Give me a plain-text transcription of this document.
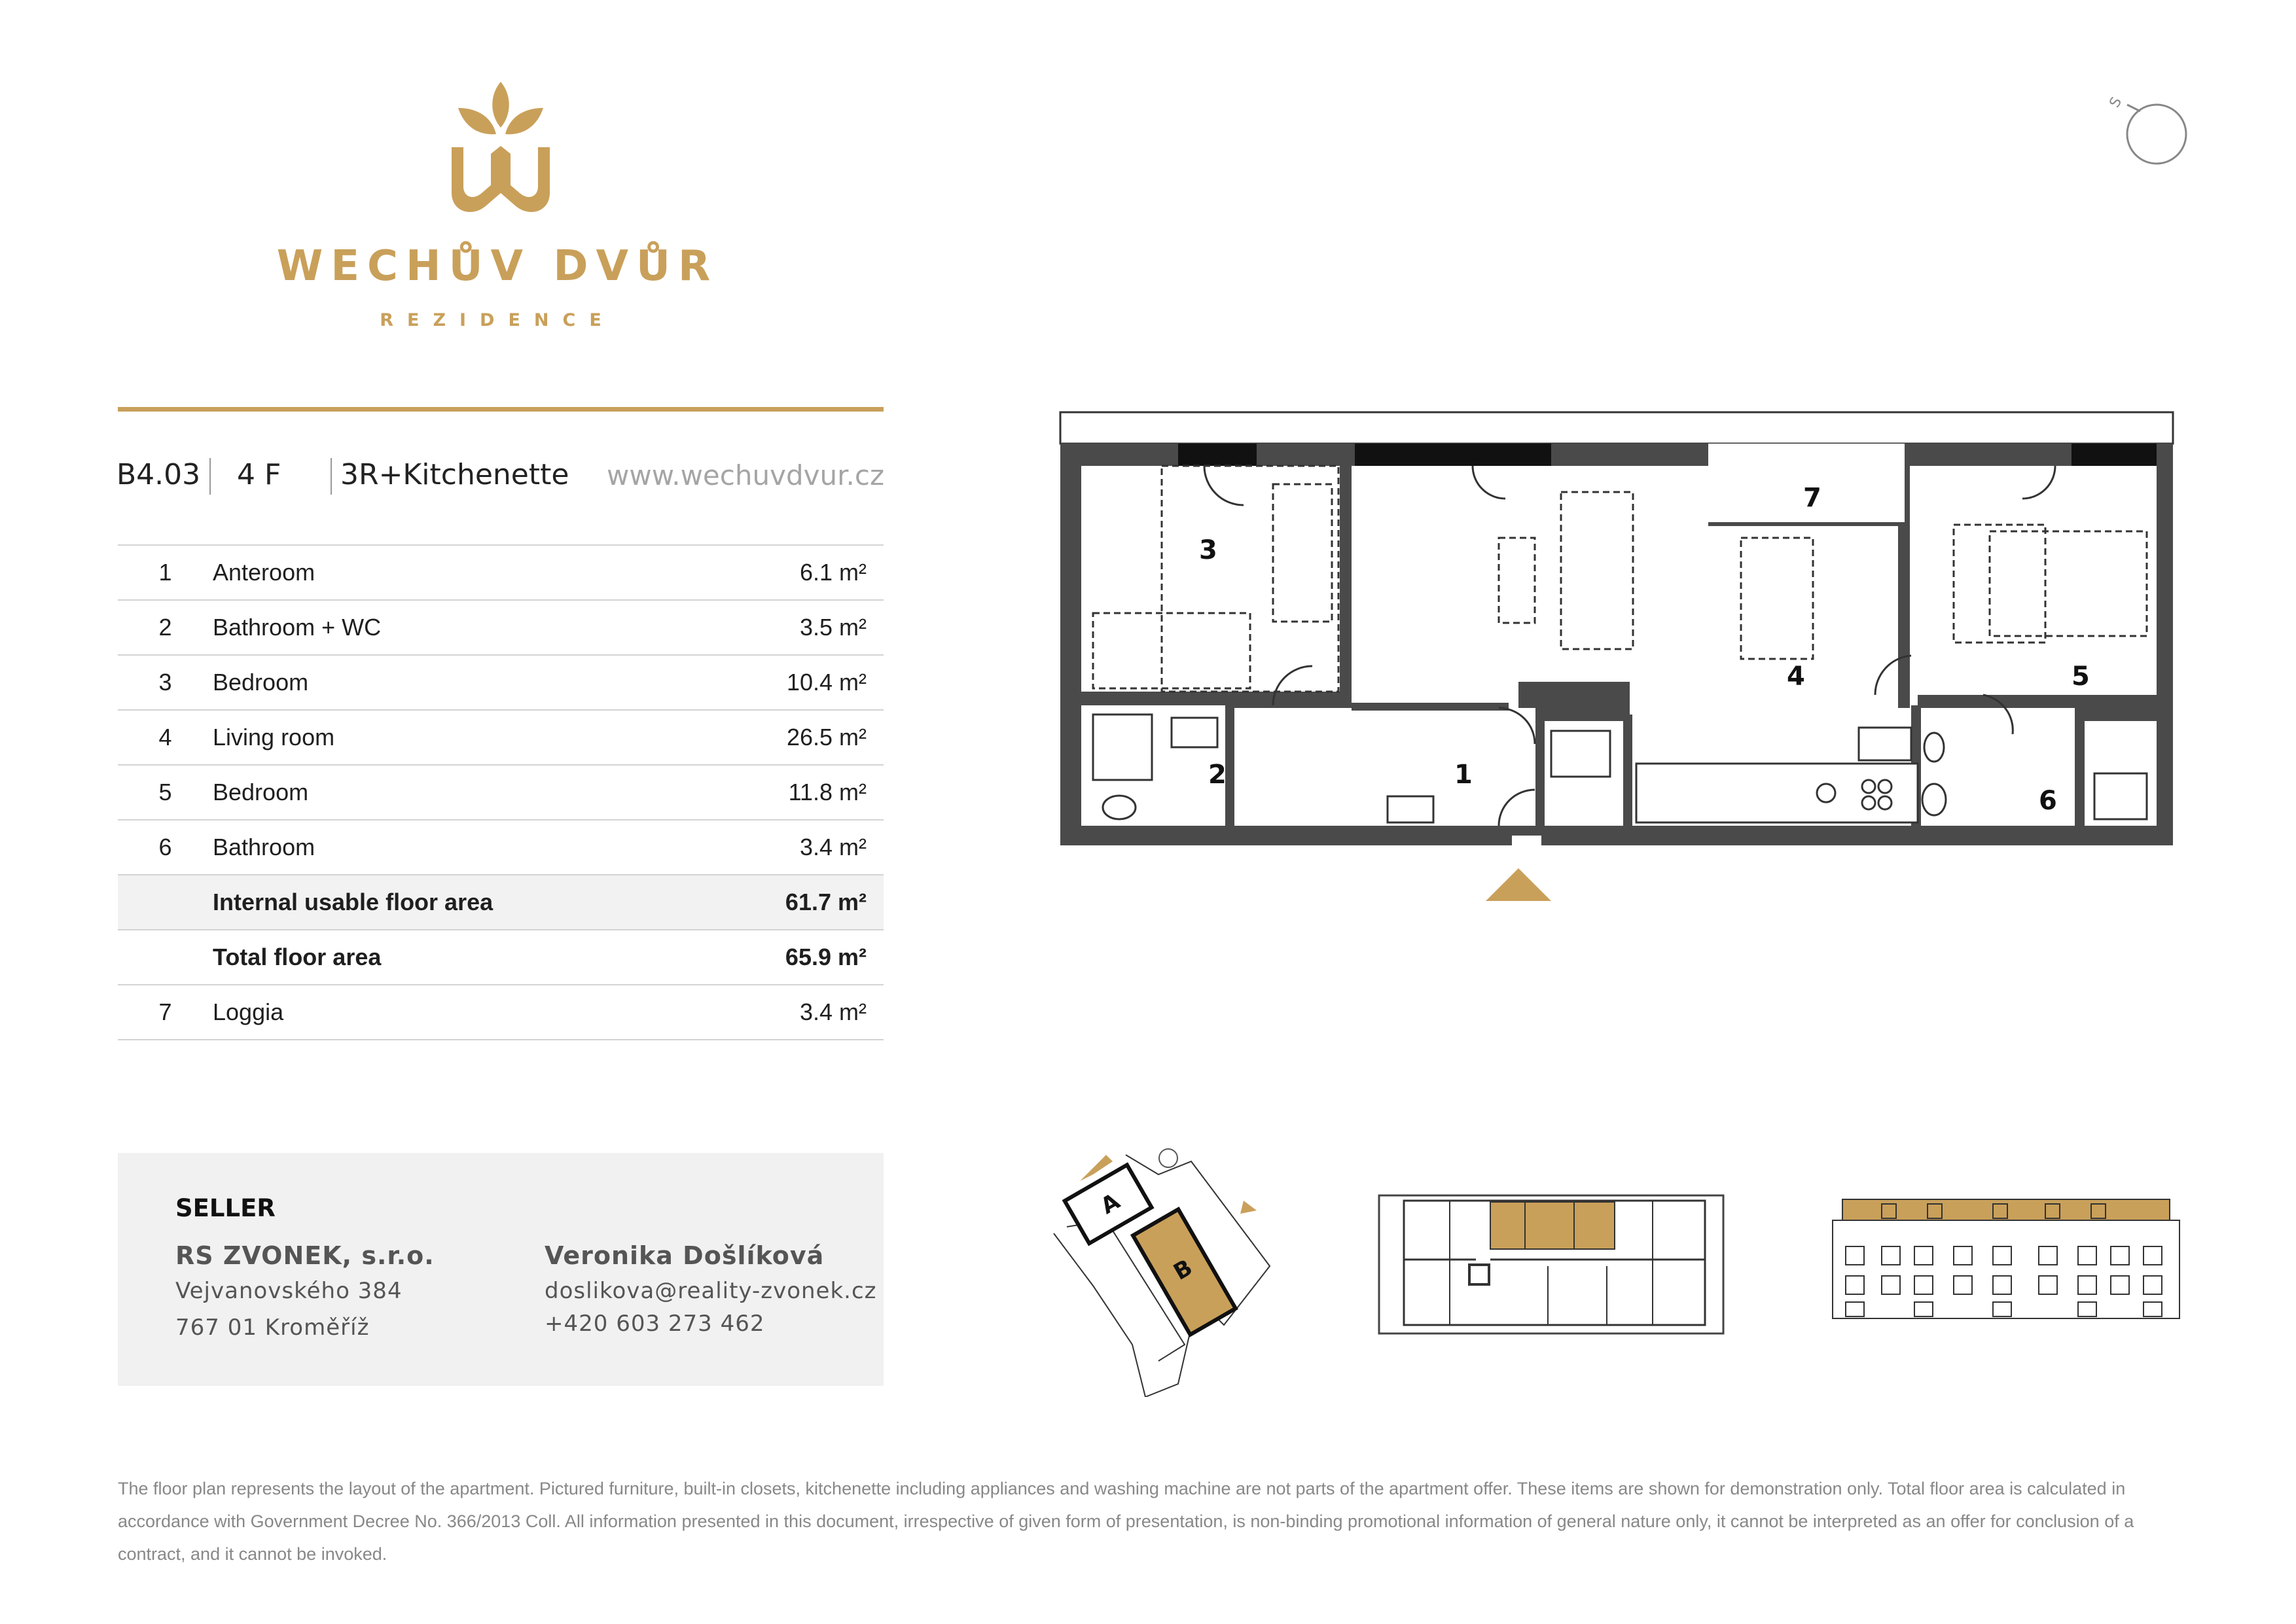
WECHŮV DVŮR
REZIDENCE
S
B4.03 4 F 3R+Kitchenette www.wechuvdvur.cz
1	Anteroom	6.1 m²
2	Bathroom + WC	3.5 m²
3	Bedroom	10.4 m²
4	Living room	26.5 m²
5	Bedroom	11.8 m²
6	Bathroom	3.4 m²
	Internal usable floor area	61.7 m²
	Total floor area	65.9 m²
7	Loggia	3.4 m²
SELLER
RS ZVONEK, s.r.o.
Vejvanovského 384
767 01 Kroměříž
Veronika Došlíková
doslikova@reality-zvonek.cz
+420 603 273 462
The floor plan represents the layout of the apartment. Pictured furniture, built-in closets, kitchenette including appliances and washing machine are not parts of the apartment offer. These items are shown for demonstration only. Total floor area is calculated in accordance with Government Decree No. 366/2013 Coll. All information presented in this document, irrespective of given form of presentation, is non-binding promotional information of general nature only, it cannot be interpreted as an offer for conclusion of a contract, and it cannot be invoked.
3
4	5
2	1
6
7
A
B
